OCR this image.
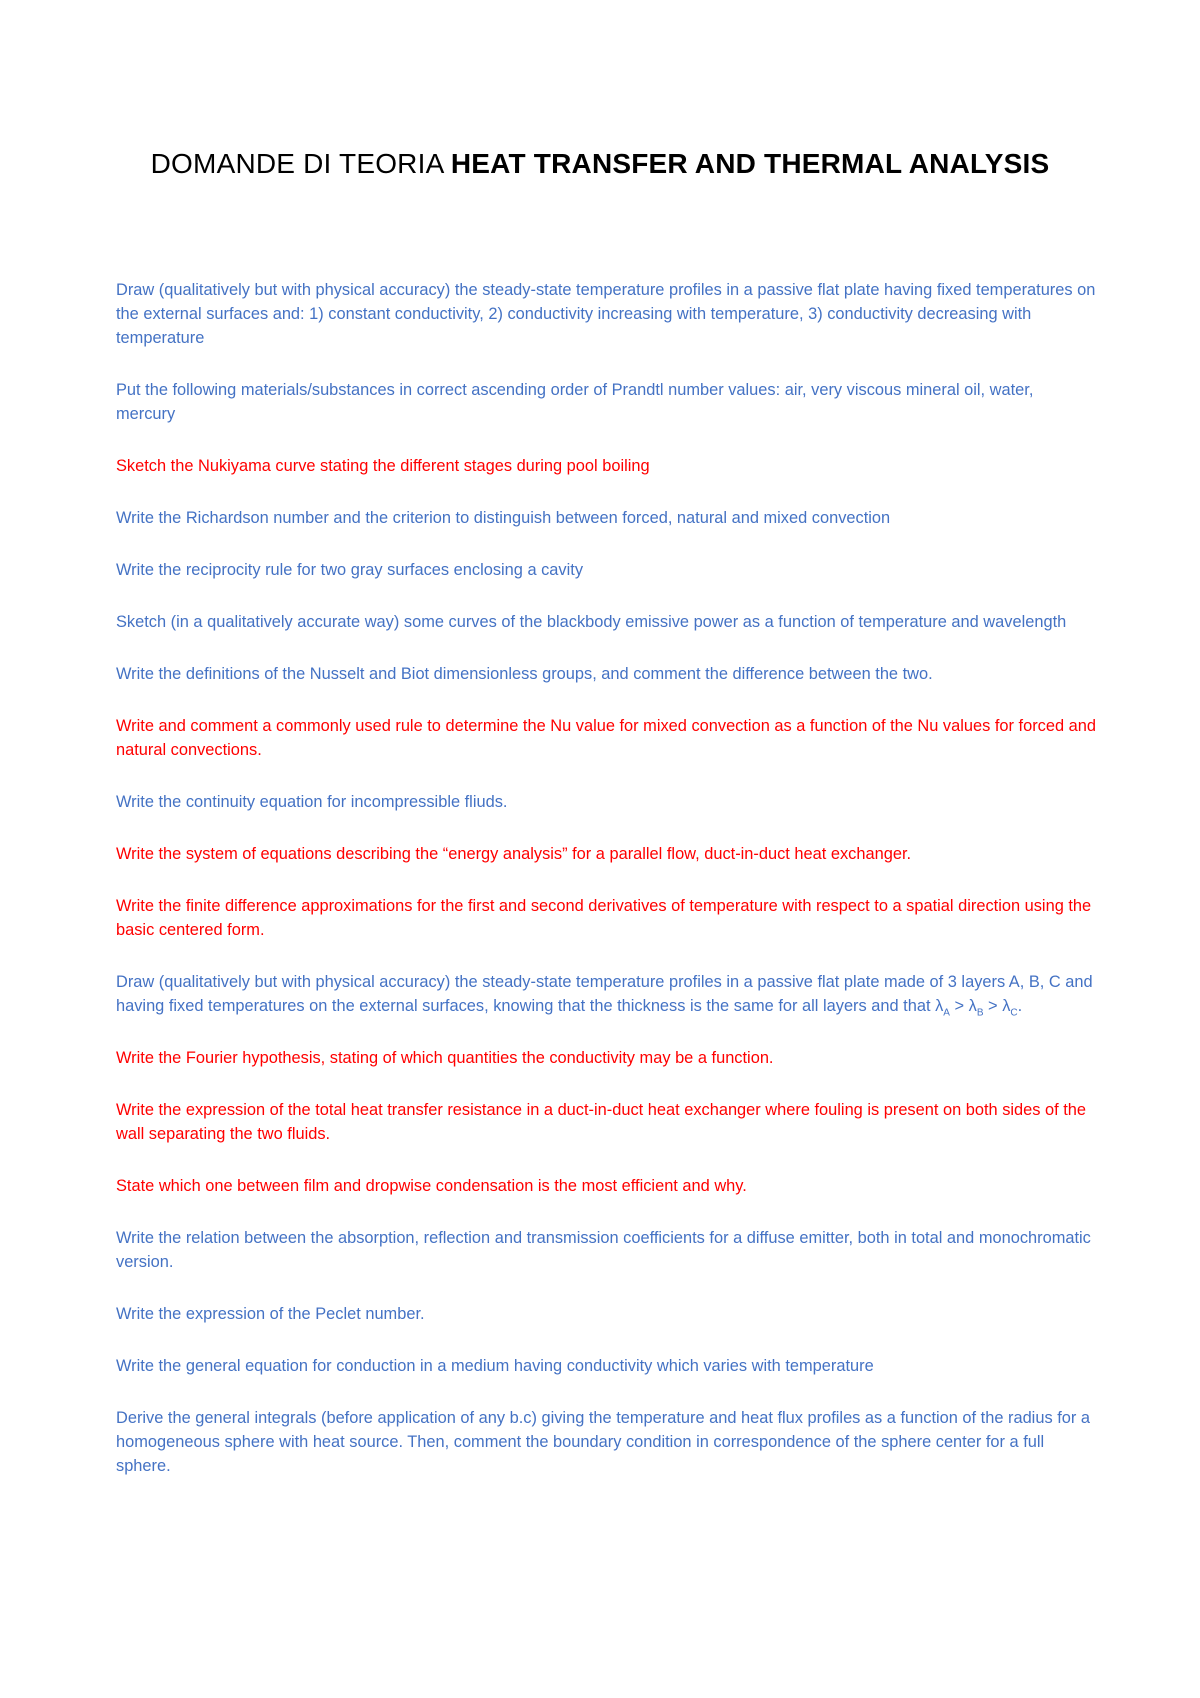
DOMANDE DI TEORIA HEAT TRANSFER AND THERMAL ANALYSIS
Draw (qualitatively but with physical accuracy) the steady-state temperature profiles in a passive flat plate having fixed temperatures on the external surfaces and: 1) constant conductivity, 2) conductivity increasing with temperature, 3) conductivity decreasing with temperature
Put the following materials/substances in correct ascending order of Prandtl number values: air, very viscous mineral oil, water, mercury
Sketch the Nukiyama curve stating the different stages during pool boiling
Write the Richardson number and the criterion to distinguish between forced, natural and mixed convection
Write the reciprocity rule for two gray surfaces enclosing a cavity
Sketch (in a qualitatively accurate way) some curves of the blackbody emissive power as a function of temperature and wavelength
Write the definitions of the Nusselt and Biot dimensionless groups, and comment the difference between the two.
Write and comment a commonly used rule to determine the Nu value for mixed convection as a function of the Nu values for forced and natural convections.
Write the continuity equation for incompressible fliuds.
Write the system of equations describing the “energy analysis” for a parallel flow, duct-in-duct heat exchanger.
Write the finite difference approximations for the first and second derivatives of temperature with respect to a spatial direction using the basic centered form.
Draw (qualitatively but with physical accuracy) the steady-state temperature profiles in a passive flat plate made of 3 layers A, B, C and having fixed temperatures on the external surfaces, knowing that the thickness is the same for all layers and that $\lambda_A > \lambda_B > \lambda_C$.
Write the Fourier hypothesis, stating of which quantities the conductivity may be a function.
Write the expression of the total heat transfer resistance in a duct-in-duct heat exchanger where fouling is present on both sides of the wall separating the two fluids.
State which one between film and dropwise condensation is the most efficient and why.
Write the relation between the absorption, reflection and transmission coefficients for a diffuse emitter, both in total and monochromatic version.
Write the expression of the Peclet number.
Write the general equation for conduction in a medium having conductivity which varies with temperature
Derive the general integrals (before application of any b.c) giving the temperature and heat flux profiles as a function of the radius for a homogeneous sphere with heat source. Then, comment the boundary condition in correspondence of the sphere center for a full sphere.
